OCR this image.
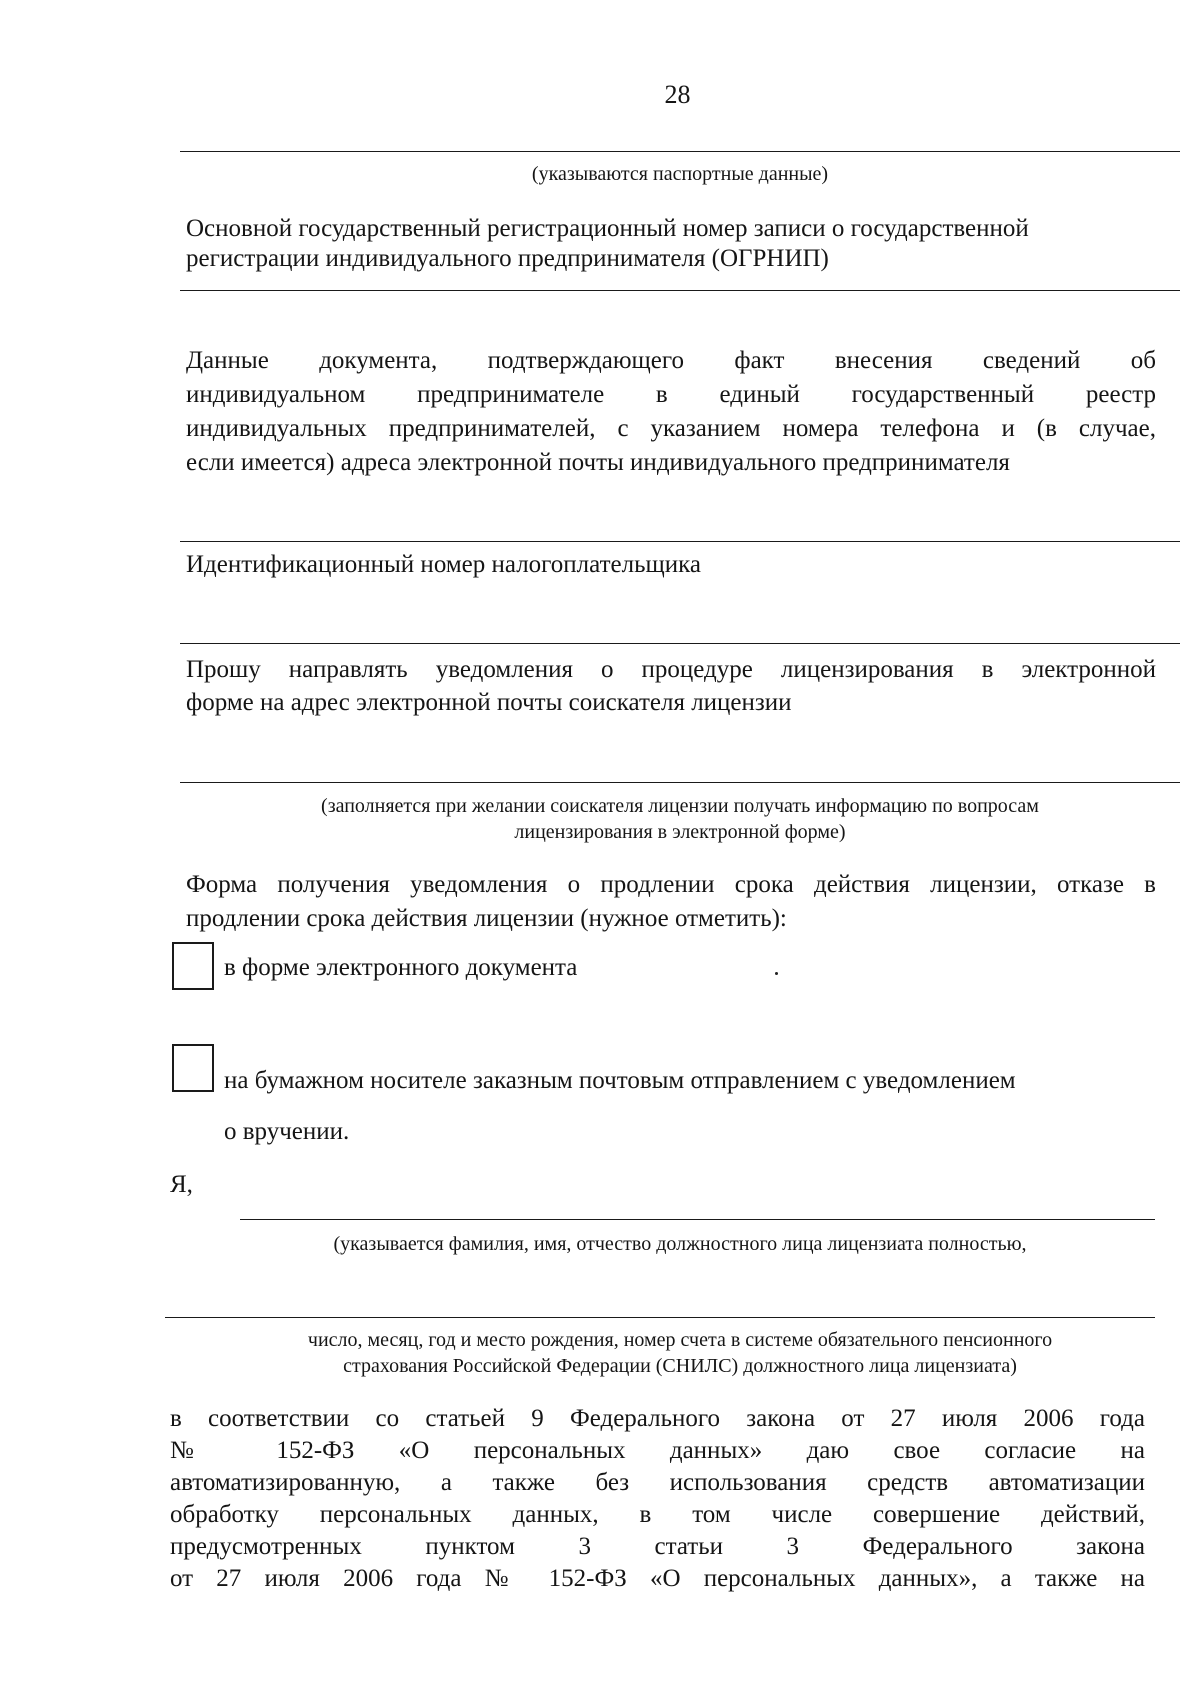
28
(указываются паспортные данные)
Основной государственный регистрационный номер записи о государственной
регистрации индивидуального предпринимателя (ОГРНИП)
Данные документа, подтверждающего факт внесения сведений об
индивидуальном предпринимателе в единый государственный реестр
индивидуальных предпринимателей, с указанием номера телефона и (в случае,
если имеется) адреса электронной почты индивидуального предпринимателя
Идентификационный номер налогоплательщика
Прошу направлять уведомления о процедуре лицензирования в электронной
форме на адрес электронной почты соискателя лицензии
(заполняется при желании соискателя лицензии получать информацию по вопросам
лицензирования в электронной форме)
Форма получения уведомления о продлении срока действия лицензии, отказе в
продлении срока действия лицензии (нужное отметить):
в форме электронного документа
на бумажном носителе заказным почтовым отправлением с уведомлением
о вручении.
Я,
(указывается фамилия, имя, отчество должностного лица лицензиата полностью,
число, месяц, год и место рождения, номер счета в системе обязательного пенсионного
страхования Российской Федерации (СНИЛС) должностного лица лицензиата)
в соответствии со статьей 9 Федерального закона от 27 июля 2006 года
№ 152-ФЗ «О персональных данных» даю свое согласие на
автоматизированную, а также без использования средств автоматизации
обработку персональных данных, в том числе совершение действий,
предусмотренных пунктом 3 статьи 3 Федерального закона
от 27 июля 2006 года № 152-ФЗ «О персональных данных», а также на
